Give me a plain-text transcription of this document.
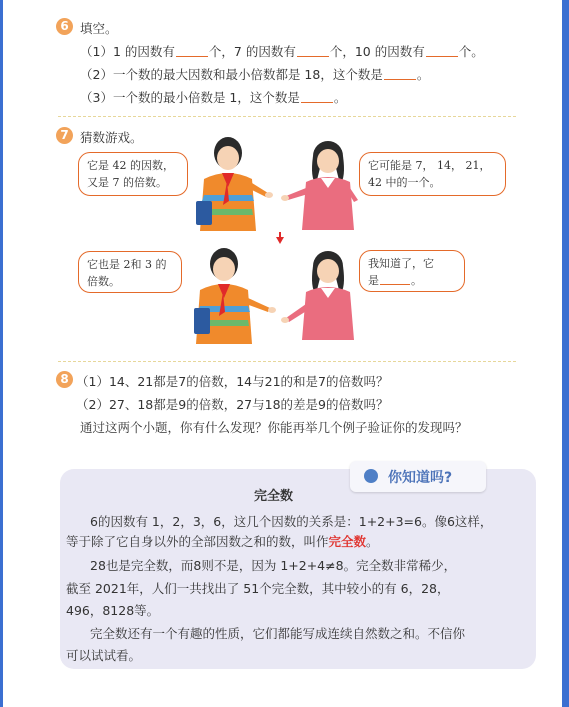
6 填空。
（1）1 的因数有	个，7 的因数有	个，10 的因数有	个。
（2）一个数的最大因数和最小倍数都是 18，这个数是	。
（3）一个数的最小倍数是 1，这个数是	。
7 猜数游戏。
它是 42 的因数，
又是 7 的倍数。
它可能是 7， 14， 21，
42 中的一个。
它也是 2和 3 的
倍数。
我知道了，它
是	。
8 （1）14、21都是7的倍数，14与21的和是7的倍数吗？
（2）27、18都是9的倍数，27与18的差是9的倍数吗？
通过这两个小题，你有什么发现？你能再举几个例子验证你的发现吗？
你知道吗?
完全数
6的因数有 1，2，3，6，这几个因数的关系是：1+2+3=6。像6这样，
等于除了它自身以外的全部因数之和的数，叫作完全数。
28也是完全数，而8则不是，因为 1+2+4≠8。完全数非常稀少，
截至 2021年，人们一共找出了 51个完全数，其中较小的有 6，28，
496，8128等。
完全数还有一个有趣的性质，它们都能写成连续自然数之和。不信你
可以试试看。
